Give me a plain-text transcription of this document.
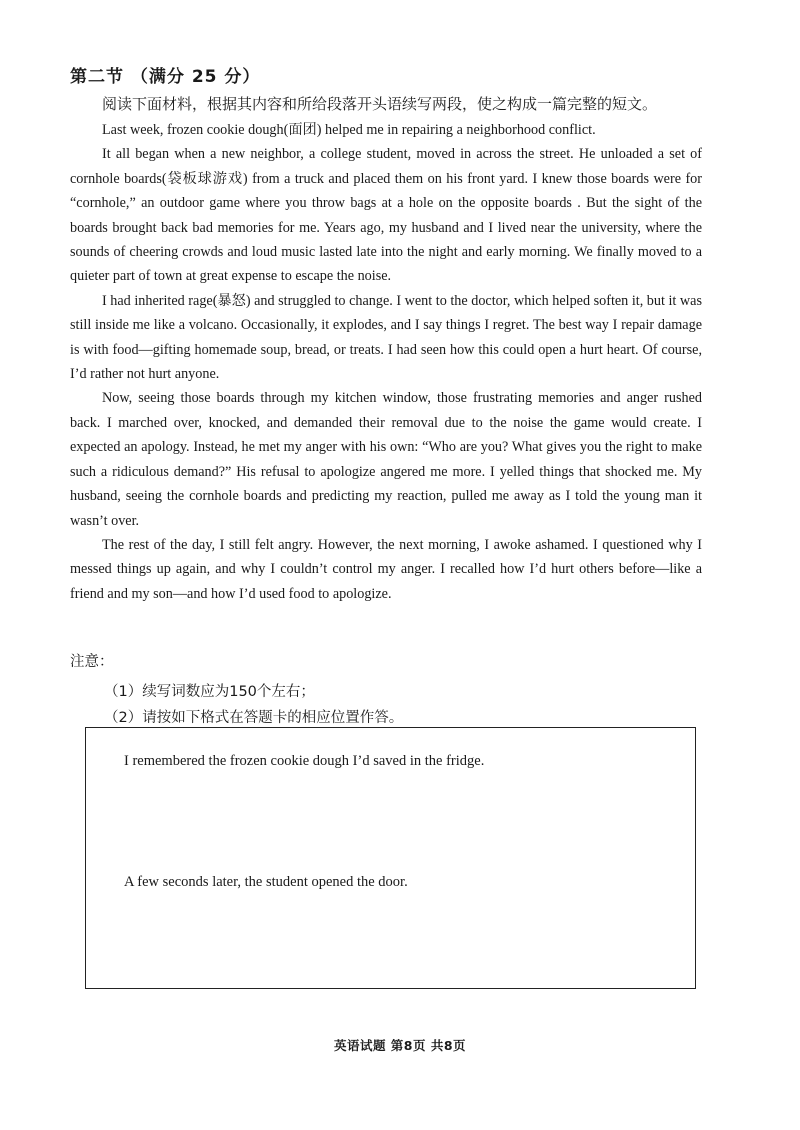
第二节 （满分 25 分）
阅读下面材料，根据其内容和所给段落开头语续写两段，使之构成一篇完整的短文。

Last week, frozen cookie dough(面团) helped me in repairing a neighborhood conflict.

It all began when a new neighbor, a college student, moved in across the street. He unloaded a set of cornhole boards(袋板球游戏) from a truck and placed them on his front yard. I knew those boards were for “cornhole,” an outdoor game where you throw bags at a hole on the opposite boards . But the sight of the boards brought back bad memories for me. Years ago, my husband and I lived near the university, where the sounds of cheering crowds and loud music lasted late into the night and early morning. We finally moved to a quieter part of town at great expense to escape the noise.

I had inherited rage(暴怒) and struggled to change. I went to the doctor, which helped soften it, but it was still inside me like a volcano. Occasionally, it explodes, and I say things I regret. The best way I repair damage is with food—gifting homemade soup, bread, or treats. I had seen how this could open a hurt heart. Of course, I’d rather not hurt anyone.

Now, seeing those boards through my kitchen window, those frustrating memories and anger rushed back. I marched over, knocked, and demanded their removal due to the noise the game would create. I expected an apology. Instead, he met my anger with his own: “Who are you? What gives you the right to make such a ridiculous demand?” His refusal to apologize angered me more. I yelled things that shocked me. My husband, seeing the cornhole boards and predicting my reaction, pulled me away as I told the young man it wasn’t over.

The rest of the day, I still felt angry. However, the next morning, I awoke ashamed. I questioned why I messed things up again, and why I couldn’t control my anger. I recalled how I’d hurt others before—like a friend and my son—and how I’d used food to apologize.

注意：
（1）续写词数应为150个左右；
（2）请按如下格式在答题卡的相应位置作答。
I remembered the frozen cookie dough I’d saved in the fridge.
A few seconds later, the student opened the door.
英语试题 第8页 共8页
